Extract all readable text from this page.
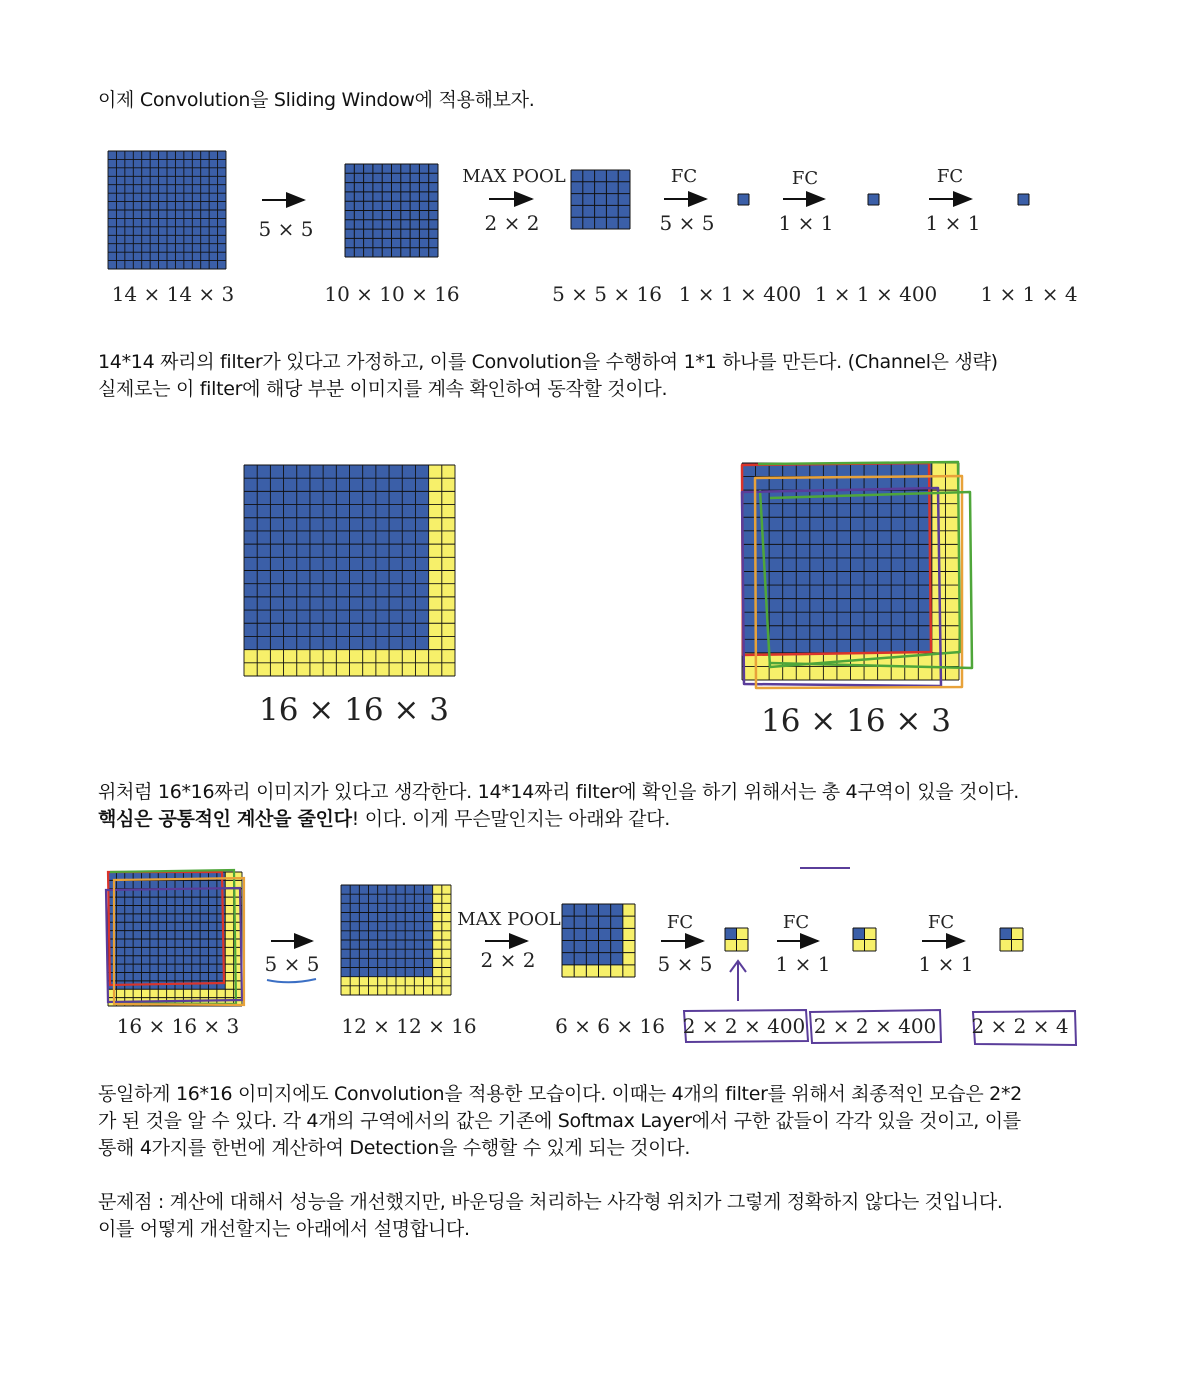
이제 Convolution을 Sliding Window에 적용해보자.
5 × 5
MAX POOL
2 × 2
FC
5 × 5
FC
1 × 1
FC
1 × 1
14 × 14 × 3	10 × 10 × 16	5 × 5 × 16 1 × 1 × 400 1 × 1 × 400 1 × 1 × 4
14*14 짜리의 filter가 있다고 가정하고, 이를 Convolution을 수행하여 1*1 하나를 만든다. (Channel은 생략)
실제로는 이 filter에 해당 부분 이미지를 계속 확인하여 동작할 것이다.
16 × 16 × 3	16 × 16 × 3
위처럼 16*16짜리 이미지가 있다고 생각한다. 14*14짜리 filter에 확인을 하기 위해서는 총 4구역이 있을 것이다.
핵심은 공통적인 계산을 줄인다! 이다. 이게 무슨말인지는 아래와 같다.
5 × 5
MAX POOL
2 × 2
FC
5 × 5
FC
1 × 1
FC
1 × 1
16 × 16 × 3	12 × 12 × 16	6 × 6 × 16 2 × 2 × 400 2 × 2 × 400 2 × 2 × 4
동일하게 16*16 이미지에도 Convolution을 적용한 모습이다. 이때는 4개의 filter를 위해서 최종적인 모습은 2*2
가 된 것을 알 수 있다. 각 4개의 구역에서의 값은 기존에 Softmax Layer에서 구한 값들이 각각 있을 것이고, 이를
통해 4가지를 한번에 계산하여 Detection을 수행할 수 있게 되는 것이다.
문제점 : 계산에 대해서 성능을 개선했지만, 바운딩을 처리하는 사각형 위치가 그렇게 정확하지 않다는 것입니다.
이를 어떻게 개선할지는 아래에서 설명합니다.
